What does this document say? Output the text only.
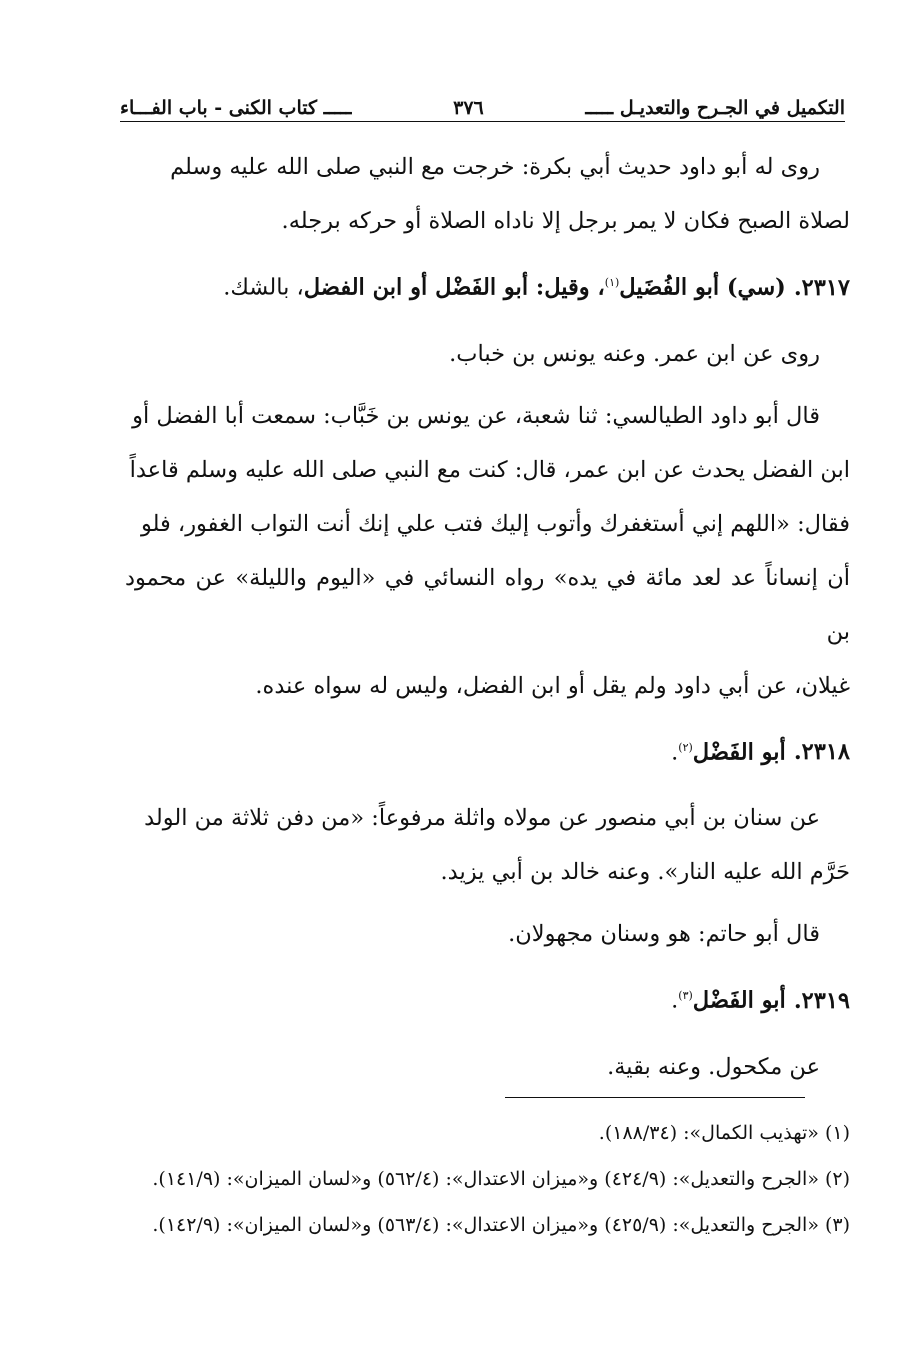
التكميل في الجـرح والتعديـل ـــــ
٣٧٦
ـــــ كتاب الكنى - باب الفـــاء

روى له أبو داود حديث أبي بكرة: خرجت مع النبي صلى الله عليه وسلم

لصلاة الصبح فكان لا يمر برجل إلا ناداه الصلاة أو حركه برجله.

٢٣١٧.(سي) أبو الفُضَيل$^{(١)}$، وقيل: أبو الفَضْل أو ابن الفضل، بالشك.

روى عن ابن عمر. وعنه يونس بن خباب.

قال أبو داود الطيالسي: ثنا شعبة، عن يونس بن خَبَّاب: سمعت أبا الفضل أو

ابن الفضل يحدث عن ابن عمر، قال: كنت مع النبي صلى الله عليه وسلم قاعداً

فقال: «اللهم إني أستغفرك وأتوب إليك فتب علي إنك أنت التواب الغفور، فلو

أن إنساناً عد لعد مائة في يده» رواه النسائي في «اليوم والليلة» عن محمود بن

غيلان، عن أبي داود ولم يقل أو ابن الفضل، وليس له سواه عنده.

٢٣١٨.أبو الفَضْل$^{(٢)}$.

عن سنان بن أبي منصور عن مولاه واثلة مرفوعاً: «من دفن ثلاثة من الولد

حَرَّم الله عليه النار». وعنه خالد بن أبي يزيد.

قال أبو حاتم: هو وسنان مجهولان.

٢٣١٩.أبو الفَضْل$^{(٣)}$.

عن مكحول. وعنه بقية.

(١)«تهذيب الكمال»: (١٨٨/٣٤).

(٢)«الجرح والتعديل»: (٤٢٤/٩) و«ميزان الاعتدال»: (٥٦٢/٤) و«لسان الميزان»: (١٤١/٩).

(٣)«الجرح والتعديل»: (٤٢٥/٩) و«ميزان الاعتدال»: (٥٦٣/٤) و«لسان الميزان»: (١٤٢/٩).
